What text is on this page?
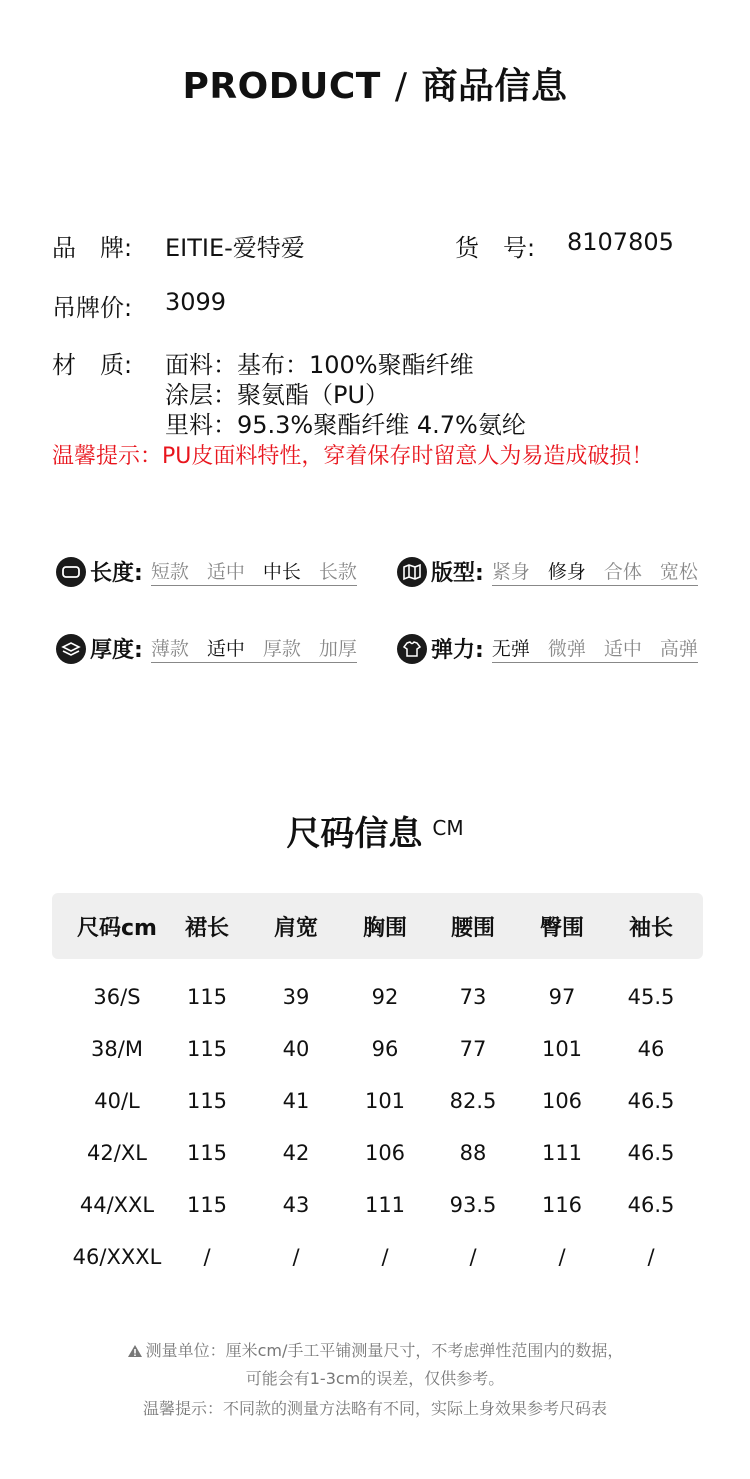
PRODUCT / 商品信息
品　牌: EITIE-爱特爱	货　号: 8107805
吊牌价: 3099
材　质: 面料：基布：100%聚酯纤维
涂层：聚氨酯（PU）
里料：95.3%聚酯纤维 4.7%氨纶
温馨提示：PU皮面料特性，穿着保存时留意人为易造成破损！
长度: 短款 适中 中长 长款	版型: 紧身 修身 合体 宽松
厚度: 薄款 适中 厚款 加厚	弹力: 无弹 微弹 适中 高弹
尺码信息 $^{CM}$
尺码cm	裙长	肩宽	胸围	腰围	臀围	袖长
36/S	115	39	92	73	97	45.5
38/M	115	40	96	77	101	46
40/L	115	41	101	82.5	106	46.5
42/XL	115	42	106	88	111	46.5
44/XXL	115	43	111	93.5	116	46.5
46/XXXL	/	/	/	/	/	/
测量单位：厘米cm/手工平铺测量尺寸，不考虑弹性范围内的数据，
可能会有1-3cm的误差，仅供参考。
温馨提示：不同款的测量方法略有不同，实际上身效果参考尺码表
